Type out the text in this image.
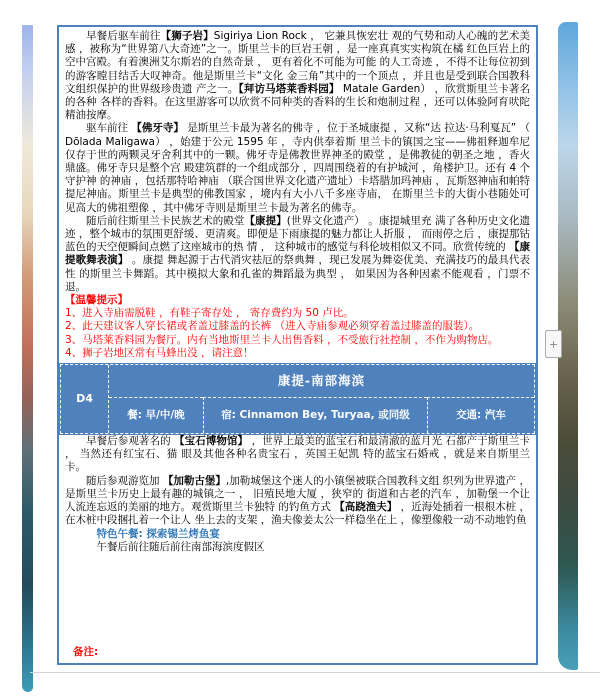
+

早餐后驱车前往【狮子岩】Sigiriya Lion Rock ， 它兼具恢宏壮 观的气势和动人心魄的艺术美感 ，被称为“世界第八大奇迹”之一。斯里兰卡的巨岩王朝 ，是一座真真实实构筑在橘 红色巨岩上的空中宫殿。有着澳洲艾尔斯岩的自然奇景 ， 更有着化不可能为可能 的人工奇迹 ，不得不让每位初到的游客瞠目结舌大叹神奇。他是斯里兰卡“文化 金三角”其中的一个顶点 ，并且也是受到联合国教科文组织保护的世界级珍贵遗 产之一。【拜访马塔莱香料园】 Matale Garden） ，欣赏斯里兰卡著名的各种 各样的香料。在这里游客可以欣赏不同种类的香料的生长和炮制过程 ，还可以体验阿育吠陀精油按摩。

驱车前往 【佛牙寺】 是斯里兰卡最为著名的佛寺 ，位于圣城康提 ，又称“达 拉达·马利戛瓦” （ Dōlada Maligawa） ，始建于公元 1595 年 ，寺内供奉着斯 里兰卡的镇国之宝——佛祖释迦牟尼仅存于世的两颗灵牙舍利其中的一颗。佛牙寺是佛教世界神圣的殿堂 ，是佛教徒的朝圣之地 ，香火鼎盛。佛牙寺只是整个宫 殿建筑群的一个组成部分 ，四周围绕着的有护城河 ，角楼护卫。还有 4 个守护神 的神庙 ，包括那特哈神庙 （联合国世界文化遗产遗址）卡塔腊加玛神庙 ，瓦斯怒神庙和帕特提尼神庙。斯里兰卡是典型的佛教国家 ，境内有大小八千多座寺庙， 在斯里兰卡的大街小巷随处可见高大的佛祖塑像 ，其中佛牙寺则是斯里兰卡最为著名的佛寺。

随后前往斯里兰卡民族艺术的殿堂【康提】(世界文化遗产） 。康提城里充 满了各种历史文化遗迹 ，整个城市的氛围更舒缓、更清爽。即便是下雨康提的魅力都让人折服 ， 而雨停之后 ，康提那钴蓝色的天空便瞬间点燃了这座城市的热 情 ， 这种城市的感觉与科伦坡相似又不同。欣赏传统的 【康提歌舞表演】 。康提 舞起源于古代消灾祛厄的祭典舞 ，现已发展为舞姿优美、充满技巧的最具代表性 的斯里兰卡舞蹈。其中模拟大象和孔雀的舞蹈最为典型 ， 如果因为各种因素不能观看 ，门票不退。

【温馨提示】
1、进入寺庙需脱鞋 ，有鞋子寄存处 ， 寄存费约为 50 卢比。
2、此天建议客人穿长裙或者盖过膝盖的长裤 （进入寺庙参观必须穿着盖过膝盖的服装）。
3、马塔莱香料园为餐厅。内有当地斯里兰卡人出售香料 ，不受旅行社控制 ，不作为购物店。
4、狮子岩地区常有马蜂出没 ，请注意！
D4
康提-南部海滨
餐: 早/中/晚	宿: Cinnamon Bey, Turyaa, 或同级	交通: 汽车

早餐后参观著名的 【宝石博物馆】 ，世界上最美的蓝宝石和最清澈的蓝月光 石都产于斯里兰卡 ， 当然还有红宝石、猫 眼及其他各种名贵宝石 ，英国王妃凯 特的蓝宝石婚戒 ，就是来自斯里兰卡。

随后参观游览加 【加勒古堡】,加勒城堡这个迷人的小镇堡被联合国教科文组 织列为世界遗产 ，是斯里兰卡历史上最有趣的城镇之一 ， 旧殖民地大厦 ，狭窄的 街道和古老的汽车 ，加勒堡一个让人流连忘返的美丽的地方。观赏斯里兰卡独特 的钓鱼方式 【高跷渔夫】 ，近海处插着一根根木桩 ，在木桩中段捆扎着一个让人 坐上去的支架 ，渔夫像姜太公一样稳坐在上 ，像塑像般一动不动地钓鱼

特色午餐: 探索锡兰烤鱼宴

午餐后前往随后前往南部海滨度假区

备注:
